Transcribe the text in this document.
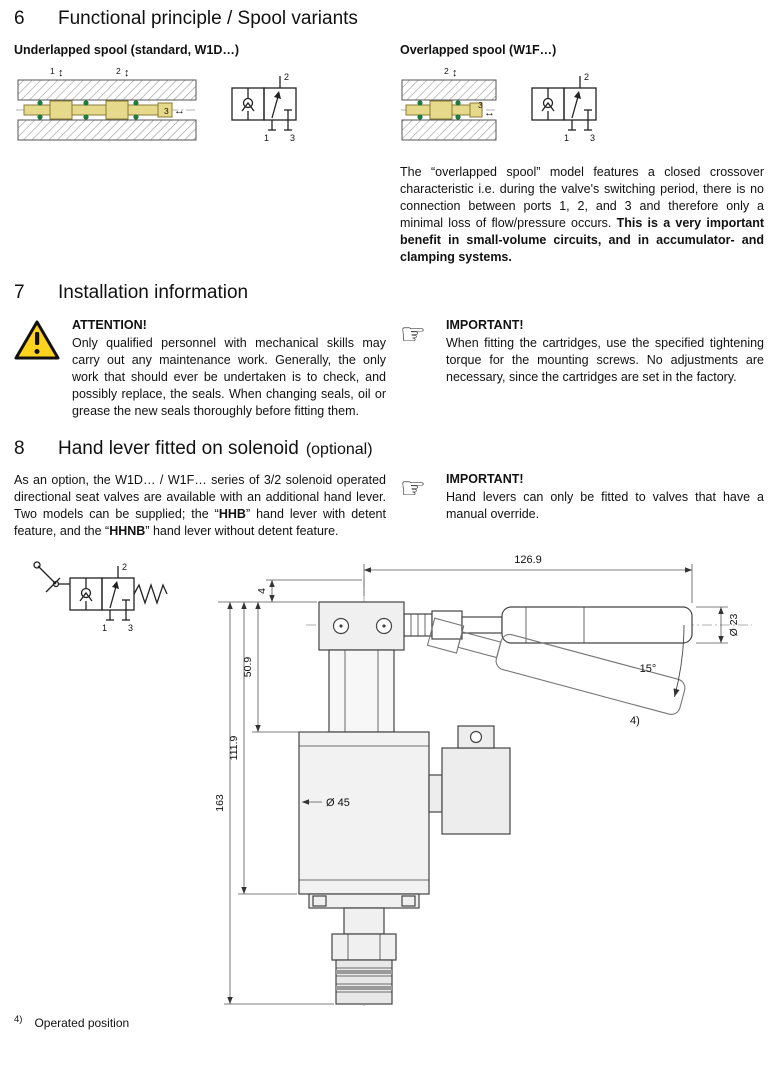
6	Functional principle / Spool variants

Underlapped spool (standard, W1D…)

1	2
3
↕	↕
↔
2
1 3

Overlapped spool (W1F…)

2
3
↕
↔
2
1 3

The “overlapped spool” model features a closed crossover characteristic i.e. during the valve's switching period, there is no connection between ports 1, 2, and 3 and therefore only a minimal loss of flow/pressure occurs. This is a very important benefit in small-volume circuits, and in accumulator- and clamping systems.

7	Installation information

ATTENTION!

Only qualified personnel with mechanical skills may carry out any maintenance work. Generally, the only work that should ever be undertaken is to check, and possibly replace, the seals. When changing seals, oil or grease the new seals thoroughly before fitting them.

☞	IMPORTANT!

When fitting the cartridges, use the specified tightening torque for the mounting screws. No adjustments are necessary, since the cartridges are set in the factory.

8	Hand lever fitted on solenoid (optional)

As an option, the W1D… / W1F… series of 3/2 solenoid operated directional seat valves are available with an additional hand lever. Two models can be supplied; the “HHB” hand lever with detent feature, and the “HHNB” hand lever without detent feature.

☞	IMPORTANT!

Hand levers can only be fitted to valves that have a manual override.

2
1 3
126.9
Ø 23
4
50.9
111.9
163
15°
4)
Ø 45

$^{4)}$ Operated position
